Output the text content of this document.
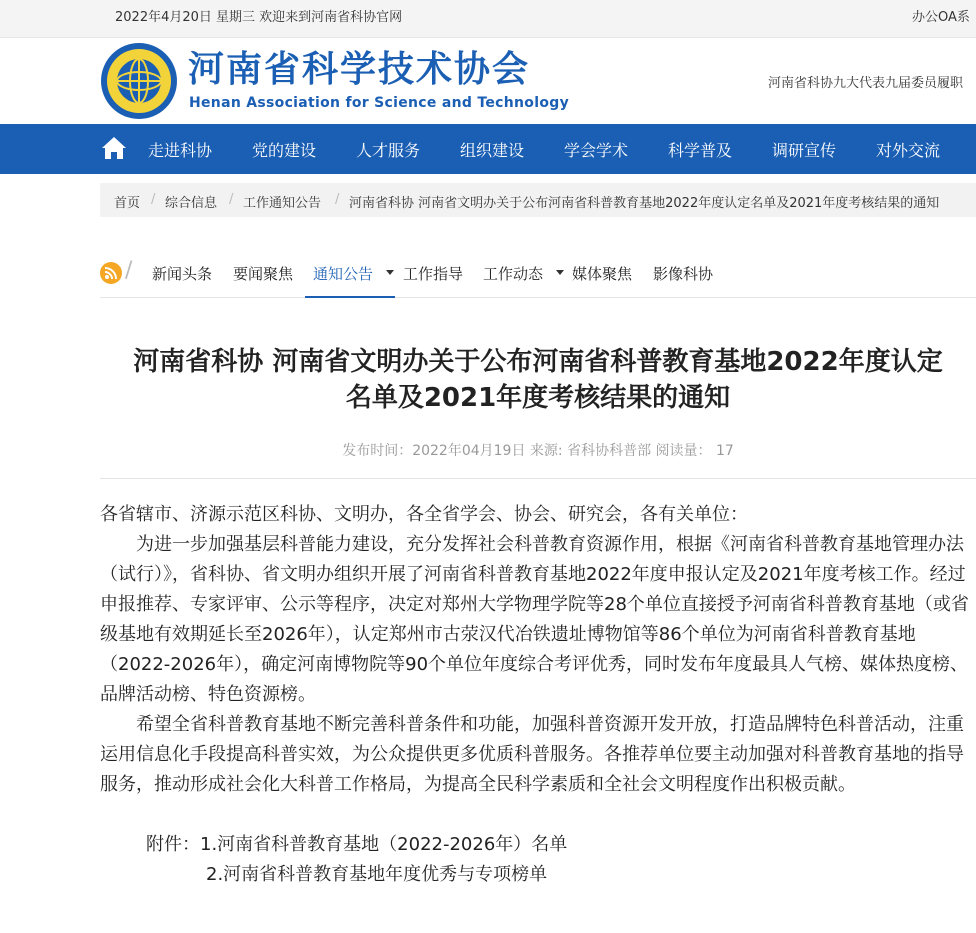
2022年4月20日 星期三 欢迎来到河南省科协官网	办公OA系
河南省科学技术协会
Henan Association for Science and Technology
河南省科协九大代表九届委员履职
走进科协 党的建设 人才服务 组织建设 学会学术 科学普及 调研宣传 对外交流
首页 / 综合信息 / 工作通知公告 / 河南省科协 河南省文明办关于公布河南省科普教育基地2022年度认定名单及2021年度考核结果的通知
/ 新闻头条 要闻聚焦 通知公告 工作指导 工作动态 媒体聚焦 影像科协
河南省科协 河南省文明办关于公布河南省科普教育基地2022年度认定
名单及2021年度考核结果的通知
发布时间：2022年04月19日 来源: 省科协科普部 阅读量： 17
各省辖市、济源示范区科协、文明办，各全省学会、协会、研究会，各有关单位：
为进一步加强基层科普能力建设，充分发挥社会科普教育资源作用，根据《河南省科普教育基地管理办法（试行）》，省科协、省文明办组织开展了河南省科普教育基地2022年度申报认定及2021年度考核工作。经过申报推荐、专家评审、公示等程序，决定对郑州大学物理学院等28个单位直接授予河南省科普教育基地（或省级基地有效期延长至2026年），认定郑州市古荥汉代冶铁遗址博物馆等86个单位为河南省科普教育基地（2022-2026年），确定河南博物院等90个单位年度综合考评优秀，同时发布年度最具人气榜、媒体热度榜、品牌活动榜、特色资源榜。
希望全省科普教育基地不断完善科普条件和功能，加强科普资源开发开放，打造品牌特色科普活动，注重运用信息化手段提高科普实效，为公众提供更多优质科普服务。各推荐单位要主动加强对科普教育基地的指导服务，推动形成社会化大科普工作格局，为提高全民科学素质和全社会文明程度作出积极贡献。
附件：1.河南省科普教育基地（2022-2026年）名单
2.河南省科普教育基地年度优秀与专项榜单
